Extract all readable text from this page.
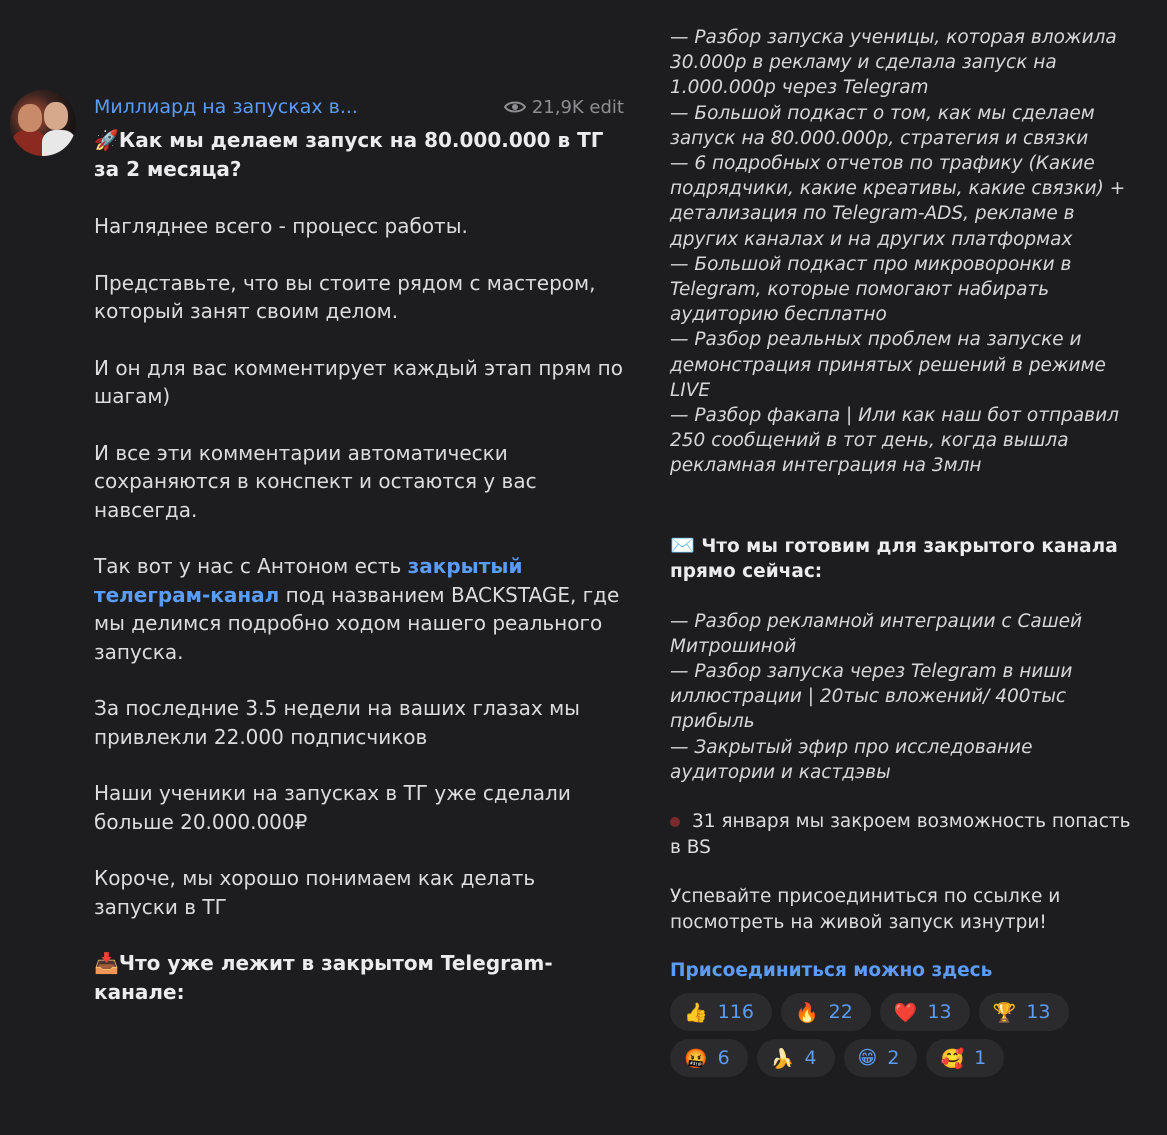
Миллиард на запусках в...	21,9K edit
🚀Как мы делаем запуск на 80.000.000 в ТГ за 2 месяца?
Нагляднее всего - процесс работы.
Представьте, что вы стоите рядом с мастером, который занят своим делом.
И он для вас комментирует каждый этап прям по шагам)
И все эти комментарии автоматически сохраняются в конспект и остаются у вас навсегда.
Так вот у нас с Антоном есть закрытый телеграм-канал под названием BACKSTAGE, где мы делимся подробно ходом нашего реального запуска.
За последние 3.5 недели на ваших глазах мы привлекли 22.000 подписчиков
Наши ученики на запусках в ТГ уже сделали больше 20.000.000₽
Короче, мы хорошо понимаем как делать запуски в ТГ
📥Что уже лежит в закрытом Telegram-канале:
— Разбор запуска ученицы, которая вложила 30.000р в рекламу и сделала запуск на 1.000.000р через Telegram
— Большой подкаст о том, как мы сделаем запуск на 80.000.000р, стратегия и связки
— 6 подробных отчетов по трафику (Какие подрядчики, какие креативы, какие связки) + детализация по Telegram-ADS, рекламе в других каналах и на других платформах
— Большой подкаст про микроворонки в Telegram, которые помогают набирать аудиторию бесплатно
— Разбор реальных проблем на запуске и демонстрация принятых решений в режиме LIVE
— Разбор факапа | Или как наш бот отправил 250 сообщений в тот день, когда вышла рекламная интеграция на 3млн
✉️ Что мы готовим для закрытого канала прямо сейчас:
— Разбор рекламной интеграции с Сашей Митрошиной
— Разбор запуска через Telegram в ниши иллюстрации | 20тыс вложений/ 400тыс прибыль
— Закрытый эфир про исследование аудитории и кастдэвы
31 января мы закроем возможность попасть в BS
Успевайте присоединиться по ссылке и посмотреть на живой запуск изнутри!
Присоединиться можно здесь
👍 116 🔥 22 ❤️ 13 🏆 13
🤬 6 🍌 4 😁 2 🥰 1
